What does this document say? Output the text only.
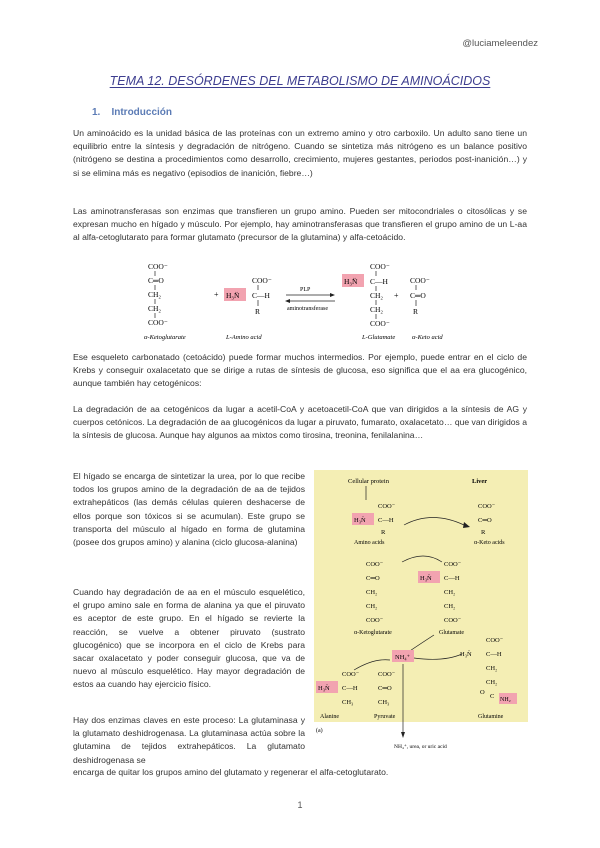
@luciameleendez
TEMA 12. DESÓRDENES DEL METABOLISMO DE AMINOÁCIDOS
1. Introducción
Un aminoácido es la unidad básica de las proteínas con un extremo amino y otro carboxilo. Un adulto sano tiene un equilibrio entre la síntesis y degradación de nitrógeno. Cuando se sintetiza más nitrógeno es un balance positivo (nitrógeno se destina a procedimientos como desarrollo, crecimiento, mujeres gestantes, periodos post-inanición…) y si se elimina más es negativo (episodios de inanición, fiebre…)
Las aminotransferasas son enzimas que transfieren un grupo amino. Pueden ser mitocondriales o citosólicas y se expresan mucho en hígado y músculo. Por ejemplo, hay aminotransferasas que transfieren el grupo amino de un L-aa al alfa-cetoglutarato para formar glutamato (precursor de la glutamina) y alfa-cetoácido.
COO⁻
C═O
CH₂
CH₂
COO⁻
α-Ketoglutarate
+ H₃N̈
COO⁻
C—H
R
L-Amino acid
PLP
aminotransferase
H₃N̈
COO⁻
C—H
CH₂
CH₂
COO⁻
L-Glutamate
+
COO⁻
C═O
R
α-Keto acid
Ese esqueleto carbonatado (cetoácido) puede formar muchos intermedios. Por ejemplo, puede entrar en el ciclo de Krebs y conseguir oxalacetato que se dirige a rutas de síntesis de glucosa, eso significa que el aa era glucogénico, aunque también hay cetogénicos:
La degradación de aa cetogénicos da lugar a acetil-CoA y acetoacetil-CoA que van dirigidos a la síntesis de AG y cuerpos cetónicos. La degradación de aa glucogénicos da lugar a piruvato, fumarato, oxalacetato… que van dirigidos a la síntesis de glucosa. Aunque hay algunos aa mixtos como tirosina, treonina, fenilalanina…
El hígado se encarga de sintetizar la urea, por lo que recibe todos los grupos amino de la degradación de aa de tejidos extrahepáticos (las demás células quieren deshacerse de ellos porque son tóxicos si se acumulan). Este grupo se transporta del músculo al hígado en forma de glutamina (posee dos grupos amino) y alanina (ciclo glucosa-alanina)
Cuando hay degradación de aa en el músculo esquelético, el grupo amino sale en forma de alanina ya que el piruvato es aceptor de este grupo. En el hígado se revierte la reacción, se vuelve a obtener piruvato (sustrato glucogénico) que se incorpora en el ciclo de Krebs para sacar oxalacetato y poder conseguir glucosa, que va de nuevo al músculo esquelético. Hay mayor degradación de estos aa cuando hay ejercicio físico.
Hay dos enzimas claves en este proceso: La glutaminasa y la glutamato deshidrogenasa. La glutaminasa actúa sobre la glutamina de tejidos extrahepáticos. La glutamato deshidrogenasa se
encarga de quitar los grupos amino del glutamato y regenerar el alfa-cetoglutarato.
Cellular protein	Liver
H₃N̈
COO⁻
C—H
R
Amino acids
COO⁻
C═O
R
α-Keto acids
COO⁻
C═O
CH₂
CH₂
COO⁻
α-Ketoglutarate
H₃N̈
COO⁻
C—H
CH₂
CH₂
COO⁻
Glutamate
NH₄⁺
COO⁻
H₃N̈ C—H
CH₂
CH₂
O
C NH₂
Glutamine
H₃N̈
COO⁻
C—H
CH₃
Alanine
COO⁻
C═O
CH₃
Pyruvate
(a)
NH₄⁺, urea, or uric acid
1
